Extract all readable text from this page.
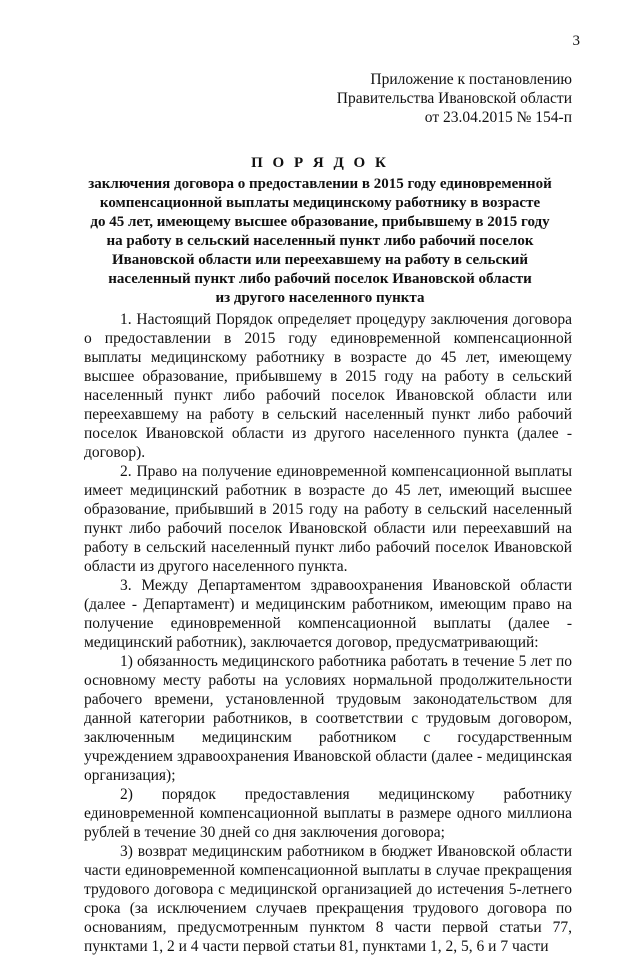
3
Приложение к постановлению
Правительства Ивановской области
от 23.04.2015 № 154-п
П О Р Я Д О К
заключения договора о предоставлении в 2015 году единовременной
компенсационной выплаты медицинскому работнику в возрасте
до 45 лет, имеющему высшее образование, прибывшему в 2015 году
на работу в сельский населенный пункт либо рабочий поселок
Ивановской области или переехавшему на работу в сельский
населенный пункт либо рабочий поселок Ивановской области
из другого населенного пункта

1. Настоящий Порядок определяет процедуру заключения договора о предоставлении в 2015 году единовременной компенсационной выплаты медицинскому работнику в возрасте до 45 лет, имеющему высшее образование, прибывшему в 2015 году на работу в сельский населенный пункт либо рабочий поселок Ивановской области или переехавшему на работу в сельский населенный пункт либо рабочий поселок Ивановской области из другого населенного пункта (далее - договор).

2. Право на получение единовременной компенсационной выплаты имеет медицинский работник в возрасте до 45 лет, имеющий высшее образование, прибывший в 2015 году на работу в сельский населенный пункт либо рабочий поселок Ивановской области или переехавший на работу в сельский населенный пункт либо рабочий поселок Ивановской области из другого населенного пункта.

3. Между Департаментом здравоохранения Ивановской области (далее - Департамент) и медицинским работником, имеющим право на получение единовременной компенсационной выплаты (далее - медицинский работник), заключается договор, предусматривающий:

1) обязанность медицинского работника работать в течение 5 лет по основному месту работы на условиях нормальной продолжительности рабочего времени, установленной трудовым законодательством для данной категории работников, в соответствии с трудовым договором, заключенным медицинским работником с государственным учреждением здравоохранения Ивановской области (далее - медицинская организация);

2) порядок предоставления медицинскому работнику единовременной компенсационной выплаты в размере одного миллиона рублей в течение 30 дней со дня заключения договора;

3) возврат медицинским работником в бюджет Ивановской области части единовременной компенсационной выплаты в случае прекращения трудового договора с медицинской организацией до истечения 5-летнего срока (за исключением случаев прекращения трудового договора по основаниям, предусмотренным пунктом 8 части первой статьи 77, пунктами 1, 2 и 4 части первой статьи 81, пунктами 1, 2, 5, 6 и 7 части
